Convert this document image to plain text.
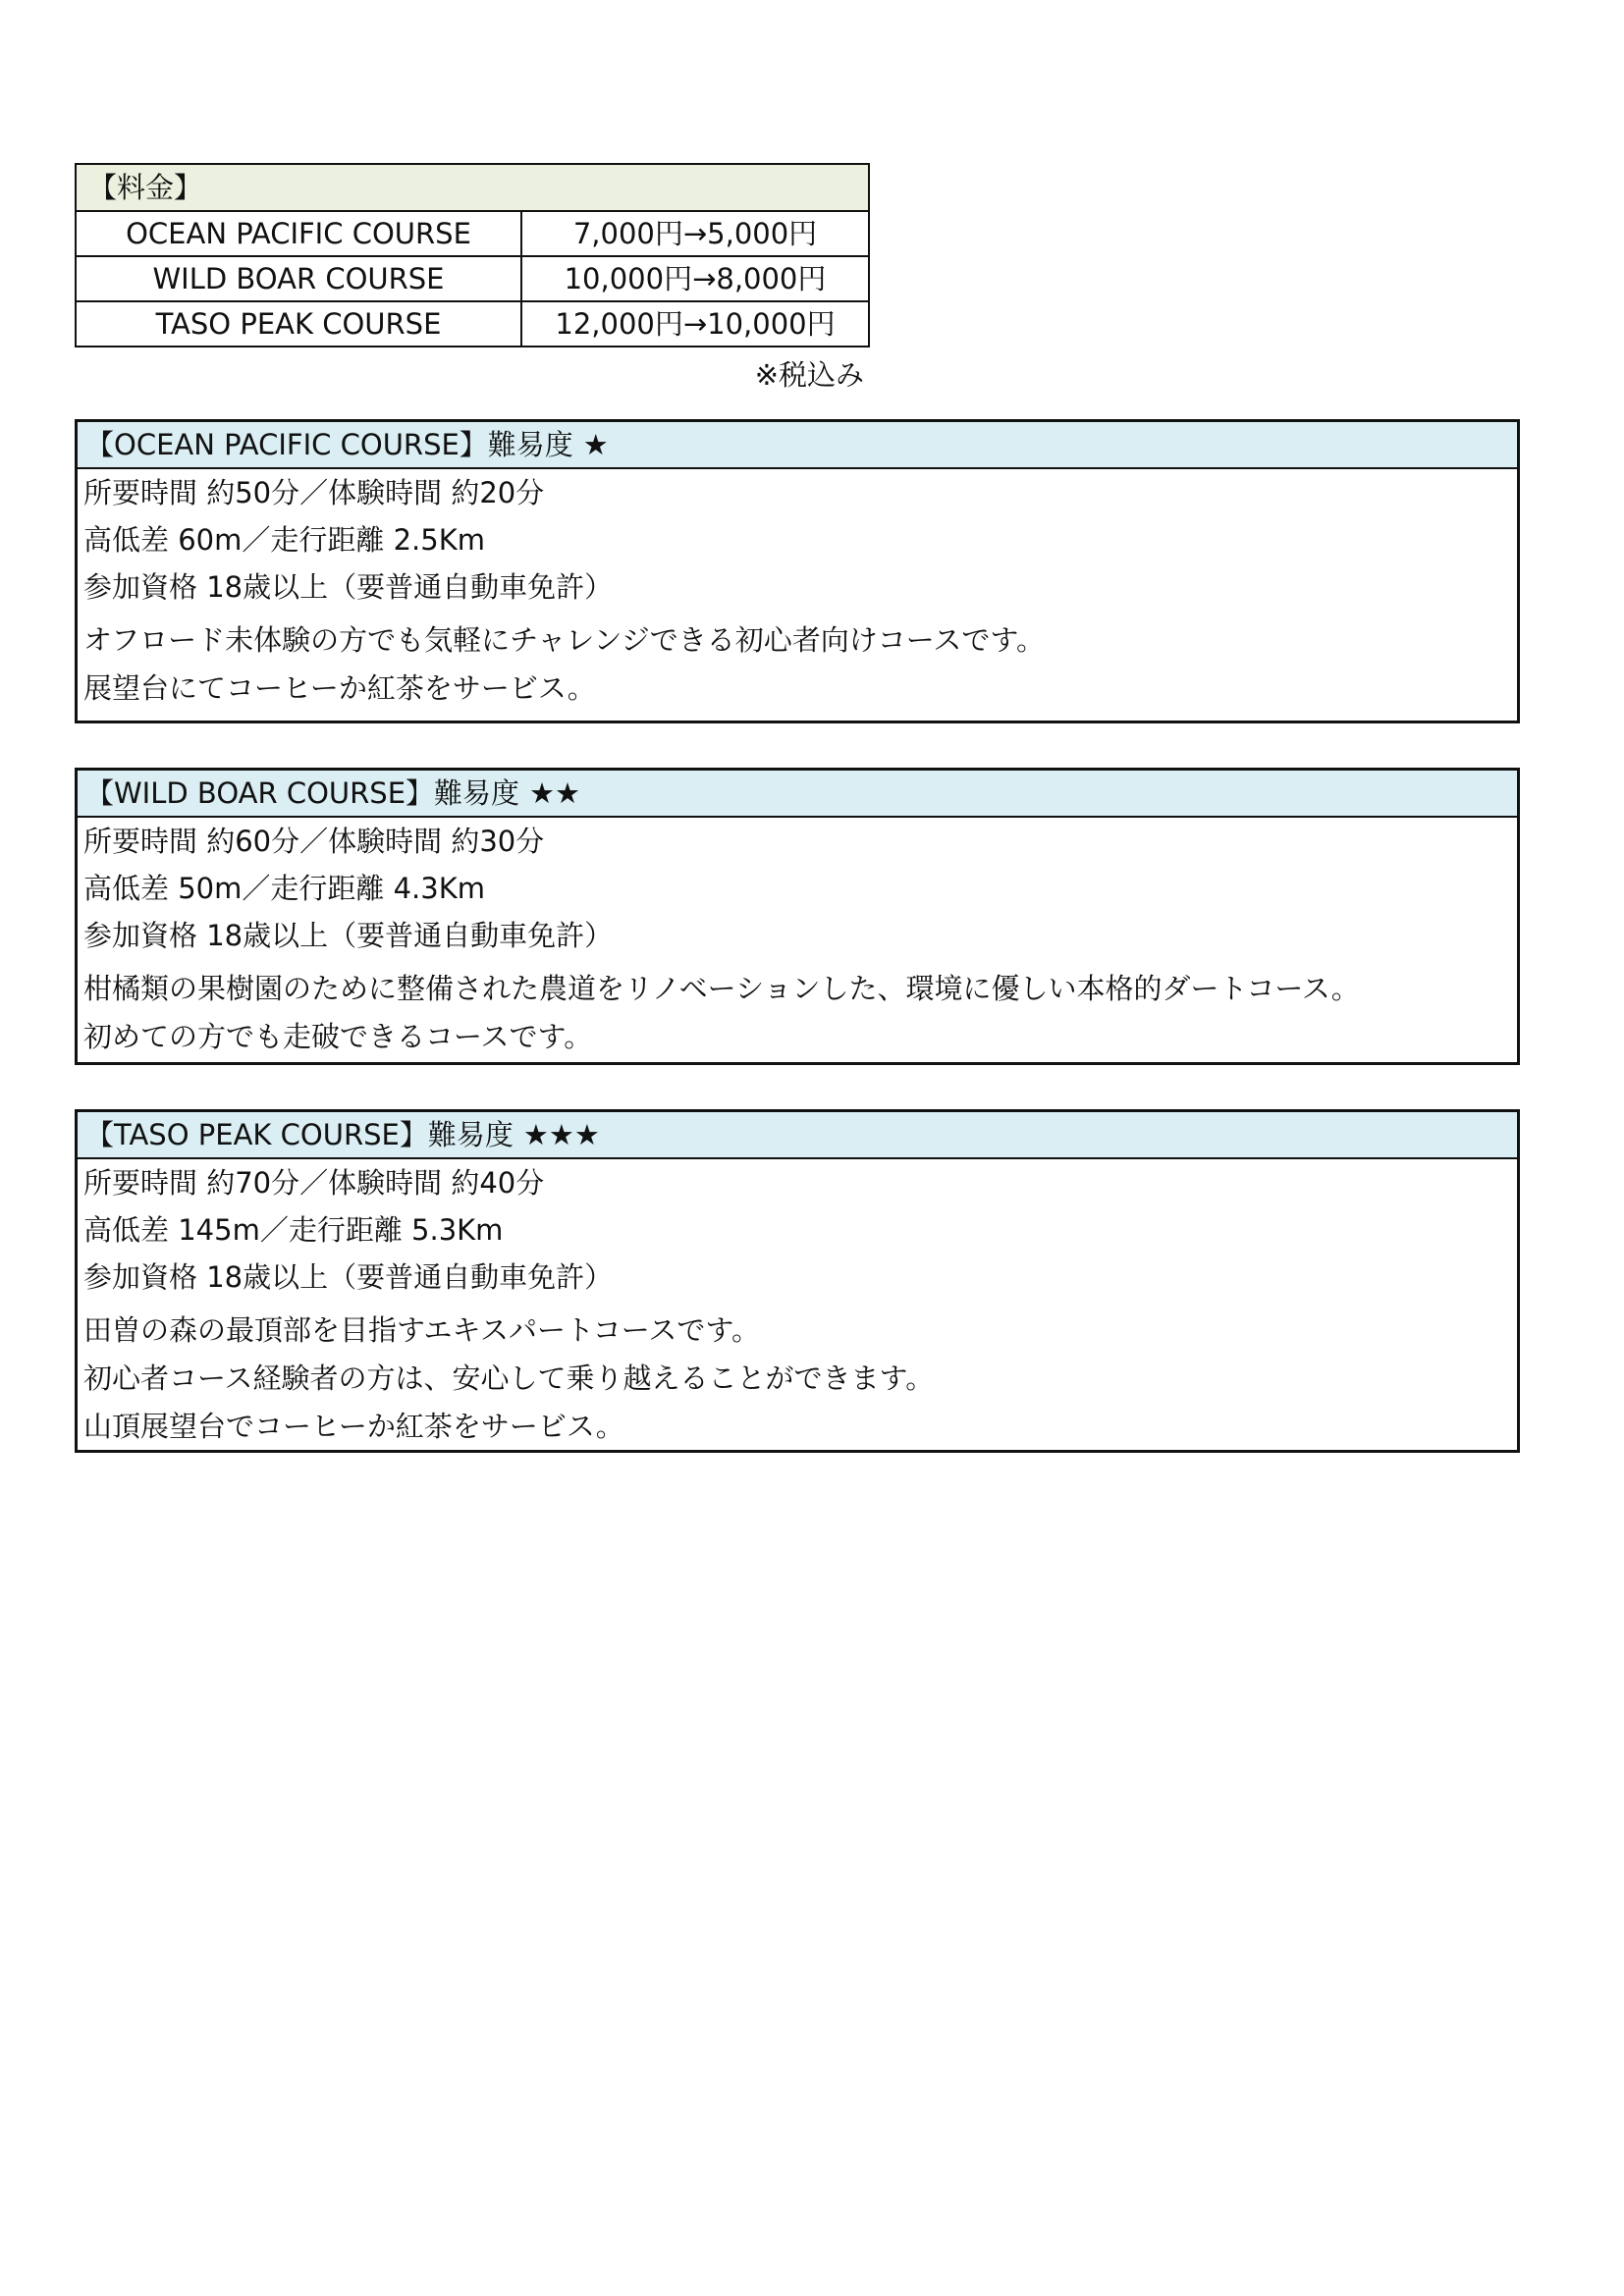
【料金】	
OCEAN PACIFIC COURSE	7,000円→5,000円
WILD BOAR COURSE	10,000円→8,000円
TASO PEAK COURSE	12,000円→10,000円
※税込み
【OCEAN PACIFIC COURSE】難易度 ★
所要時間 約50分／体験時間 約20分
高低差 60m／走行距離 2.5Km
参加資格 18歳以上（要普通自動車免許）
オフロード未体験の方でも気軽にチャレンジできる初心者向けコースです。
展望台にてコーヒーか紅茶をサービス。
【WILD BOAR COURSE】難易度 ★★
所要時間 約60分／体験時間 約30分
高低差 50m／走行距離 4.3Km
参加資格 18歳以上（要普通自動車免許）
柑橘類の果樹園のために整備された農道をリノベーションした、環境に優しい本格的ダートコース。
初めての方でも走破できるコースです。
【TASO PEAK COURSE】難易度 ★★★
所要時間 約70分／体験時間 約40分
高低差 145m／走行距離 5.3Km
参加資格 18歳以上（要普通自動車免許）
田曽の森の最頂部を目指すエキスパートコースです。
初心者コース経験者の方は、安心して乗り越えることができます。
山頂展望台でコーヒーか紅茶をサービス。
